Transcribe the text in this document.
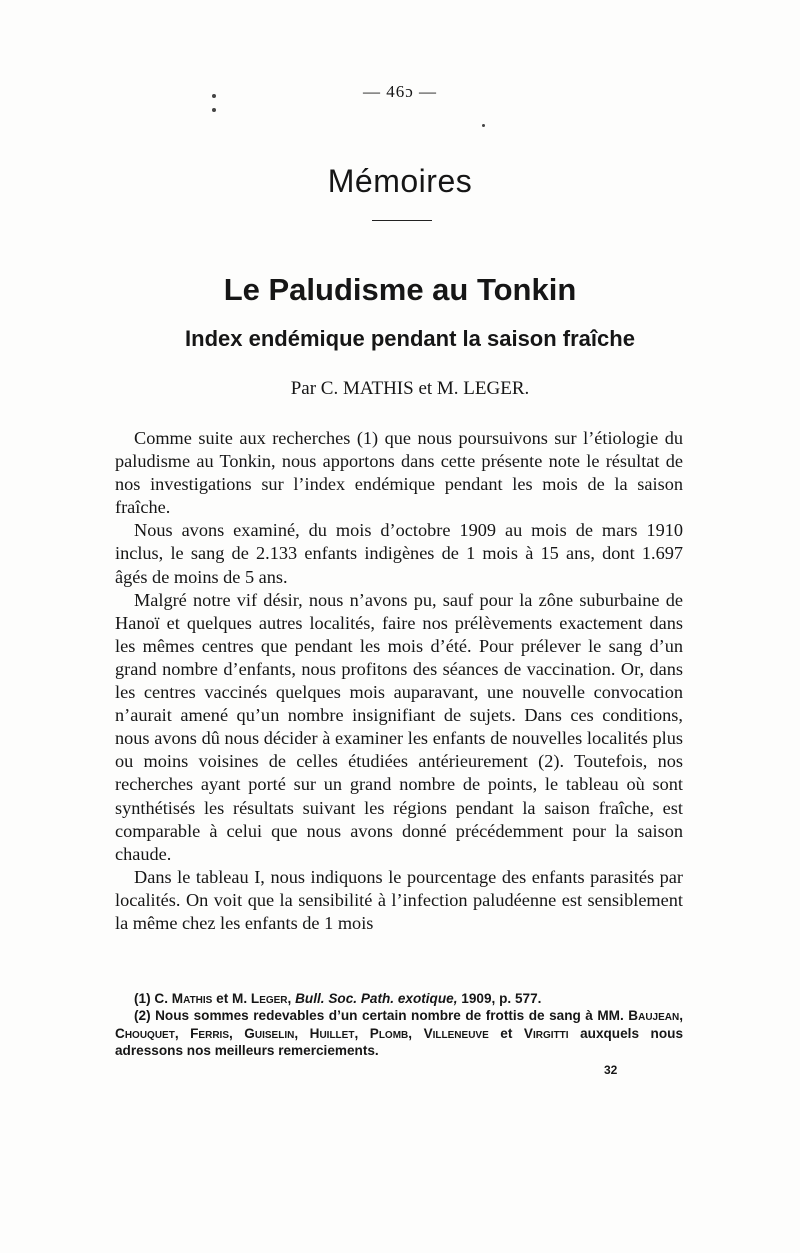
— 46ɔ —
Mémoires
Le Paludisme au Tonkin
Index endémique pendant la saison fraîche
Par C. MATHIS et M. LEGER.

Comme suite aux recherches (1) que nous poursuivons sur l’étiologie du paludisme au Tonkin, nous apportons dans cette présente note le résultat de nos investigations sur l’index endémique pendant les mois de la saison fraîche.

Nous avons examiné, du mois d’octobre 1909 au mois de mars 1910 inclus, le sang de 2.133 enfants indigènes de 1 mois à 15 ans, dont 1.697 âgés de moins de 5 ans.

Malgré notre vif désir, nous n’avons pu, sauf pour la zône suburbaine de Hanoï et quelques autres localités, faire nos prélèvements exactement dans les mêmes centres que pendant les mois d’été. Pour prélever le sang d’un grand nombre d’enfants, nous profitons des séances de vaccination. Or, dans les centres vaccinés quelques mois auparavant, une nouvelle convocation n’aurait amené qu’un nombre insignifiant de sujets. Dans ces conditions, nous avons dû nous décider à examiner les enfants de nouvelles localités plus ou moins voisines de celles étudiées antérieurement (2). Toutefois, nos recherches ayant porté sur un grand nombre de points, le tableau où sont synthétisés les résultats suivant les régions pendant la saison fraîche, est comparable à celui que nous avons donné précédemment pour la saison chaude.

Dans le tableau I, nous indiquons le pourcentage des enfants parasités par localités. On voit que la sensibilité à l’infection paludéenne est sensiblement la même chez les enfants de 1 mois

(1) C. Mathis et M. Leger, Bull. Soc. Path. exotique, 1909, p. 577.

(2) Nous sommes redevables d’un certain nombre de frottis de sang à MM. Baujean, Chouquet, Ferris, Guiselin, Huillet, Plomb, Villeneuve et Virgitti auxquels nous adressons nos meilleurs remerciements.

32
